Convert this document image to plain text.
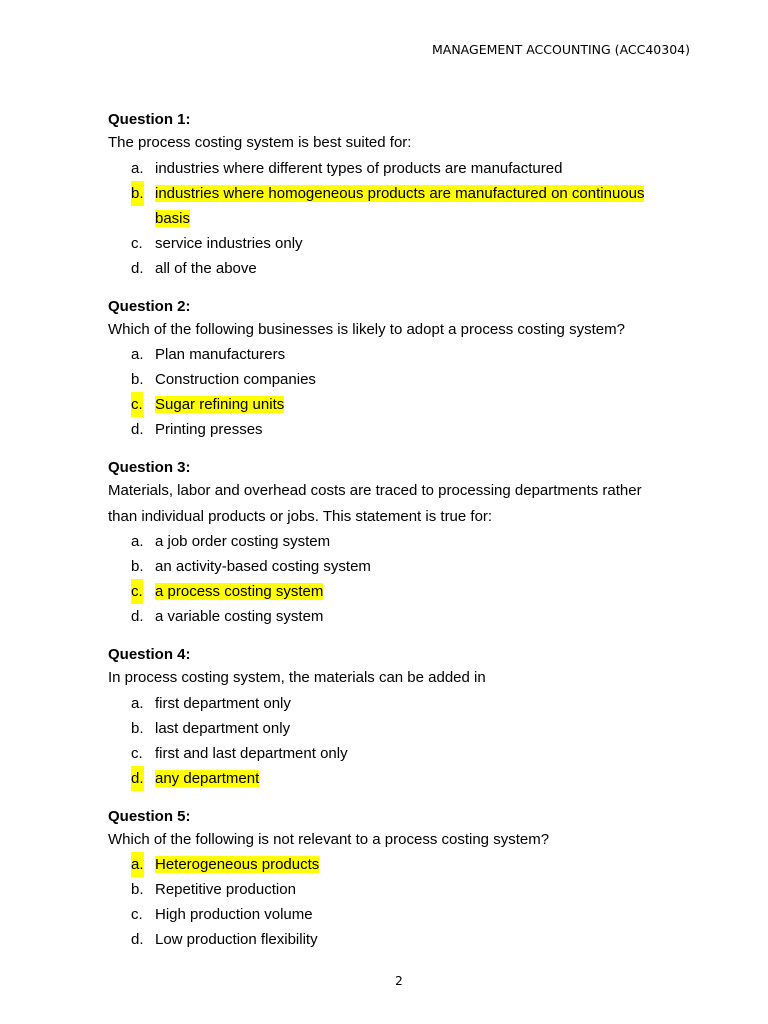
MANAGEMENT ACCOUNTING (ACC40304)
Question 1:
The process costing system is best suited for:
a. industries where different types of products are manufactured
b. industries where homogeneous products are manufactured on continuous
basis
c. service industries only
d. all of the above
Question 2:
Which of the following businesses is likely to adopt a process costing system?
a. Plan manufacturers
b. Construction companies
c. Sugar refining units
d. Printing presses
Question 3:
Materials, labor and overhead costs are traced to processing departments rather
than individual products or jobs. This statement is true for:
a. a job order costing system
b. an activity-based costing system
c. a process costing system
d. a variable costing system
Question 4:
In process costing system, the materials can be added in
a. first department only
b. last department only
c. first and last department only
d. any department
Question 5:
Which of the following is not relevant to a process costing system?
a. Heterogeneous products
b. Repetitive production
c. High production volume
d. Low production flexibility
2
